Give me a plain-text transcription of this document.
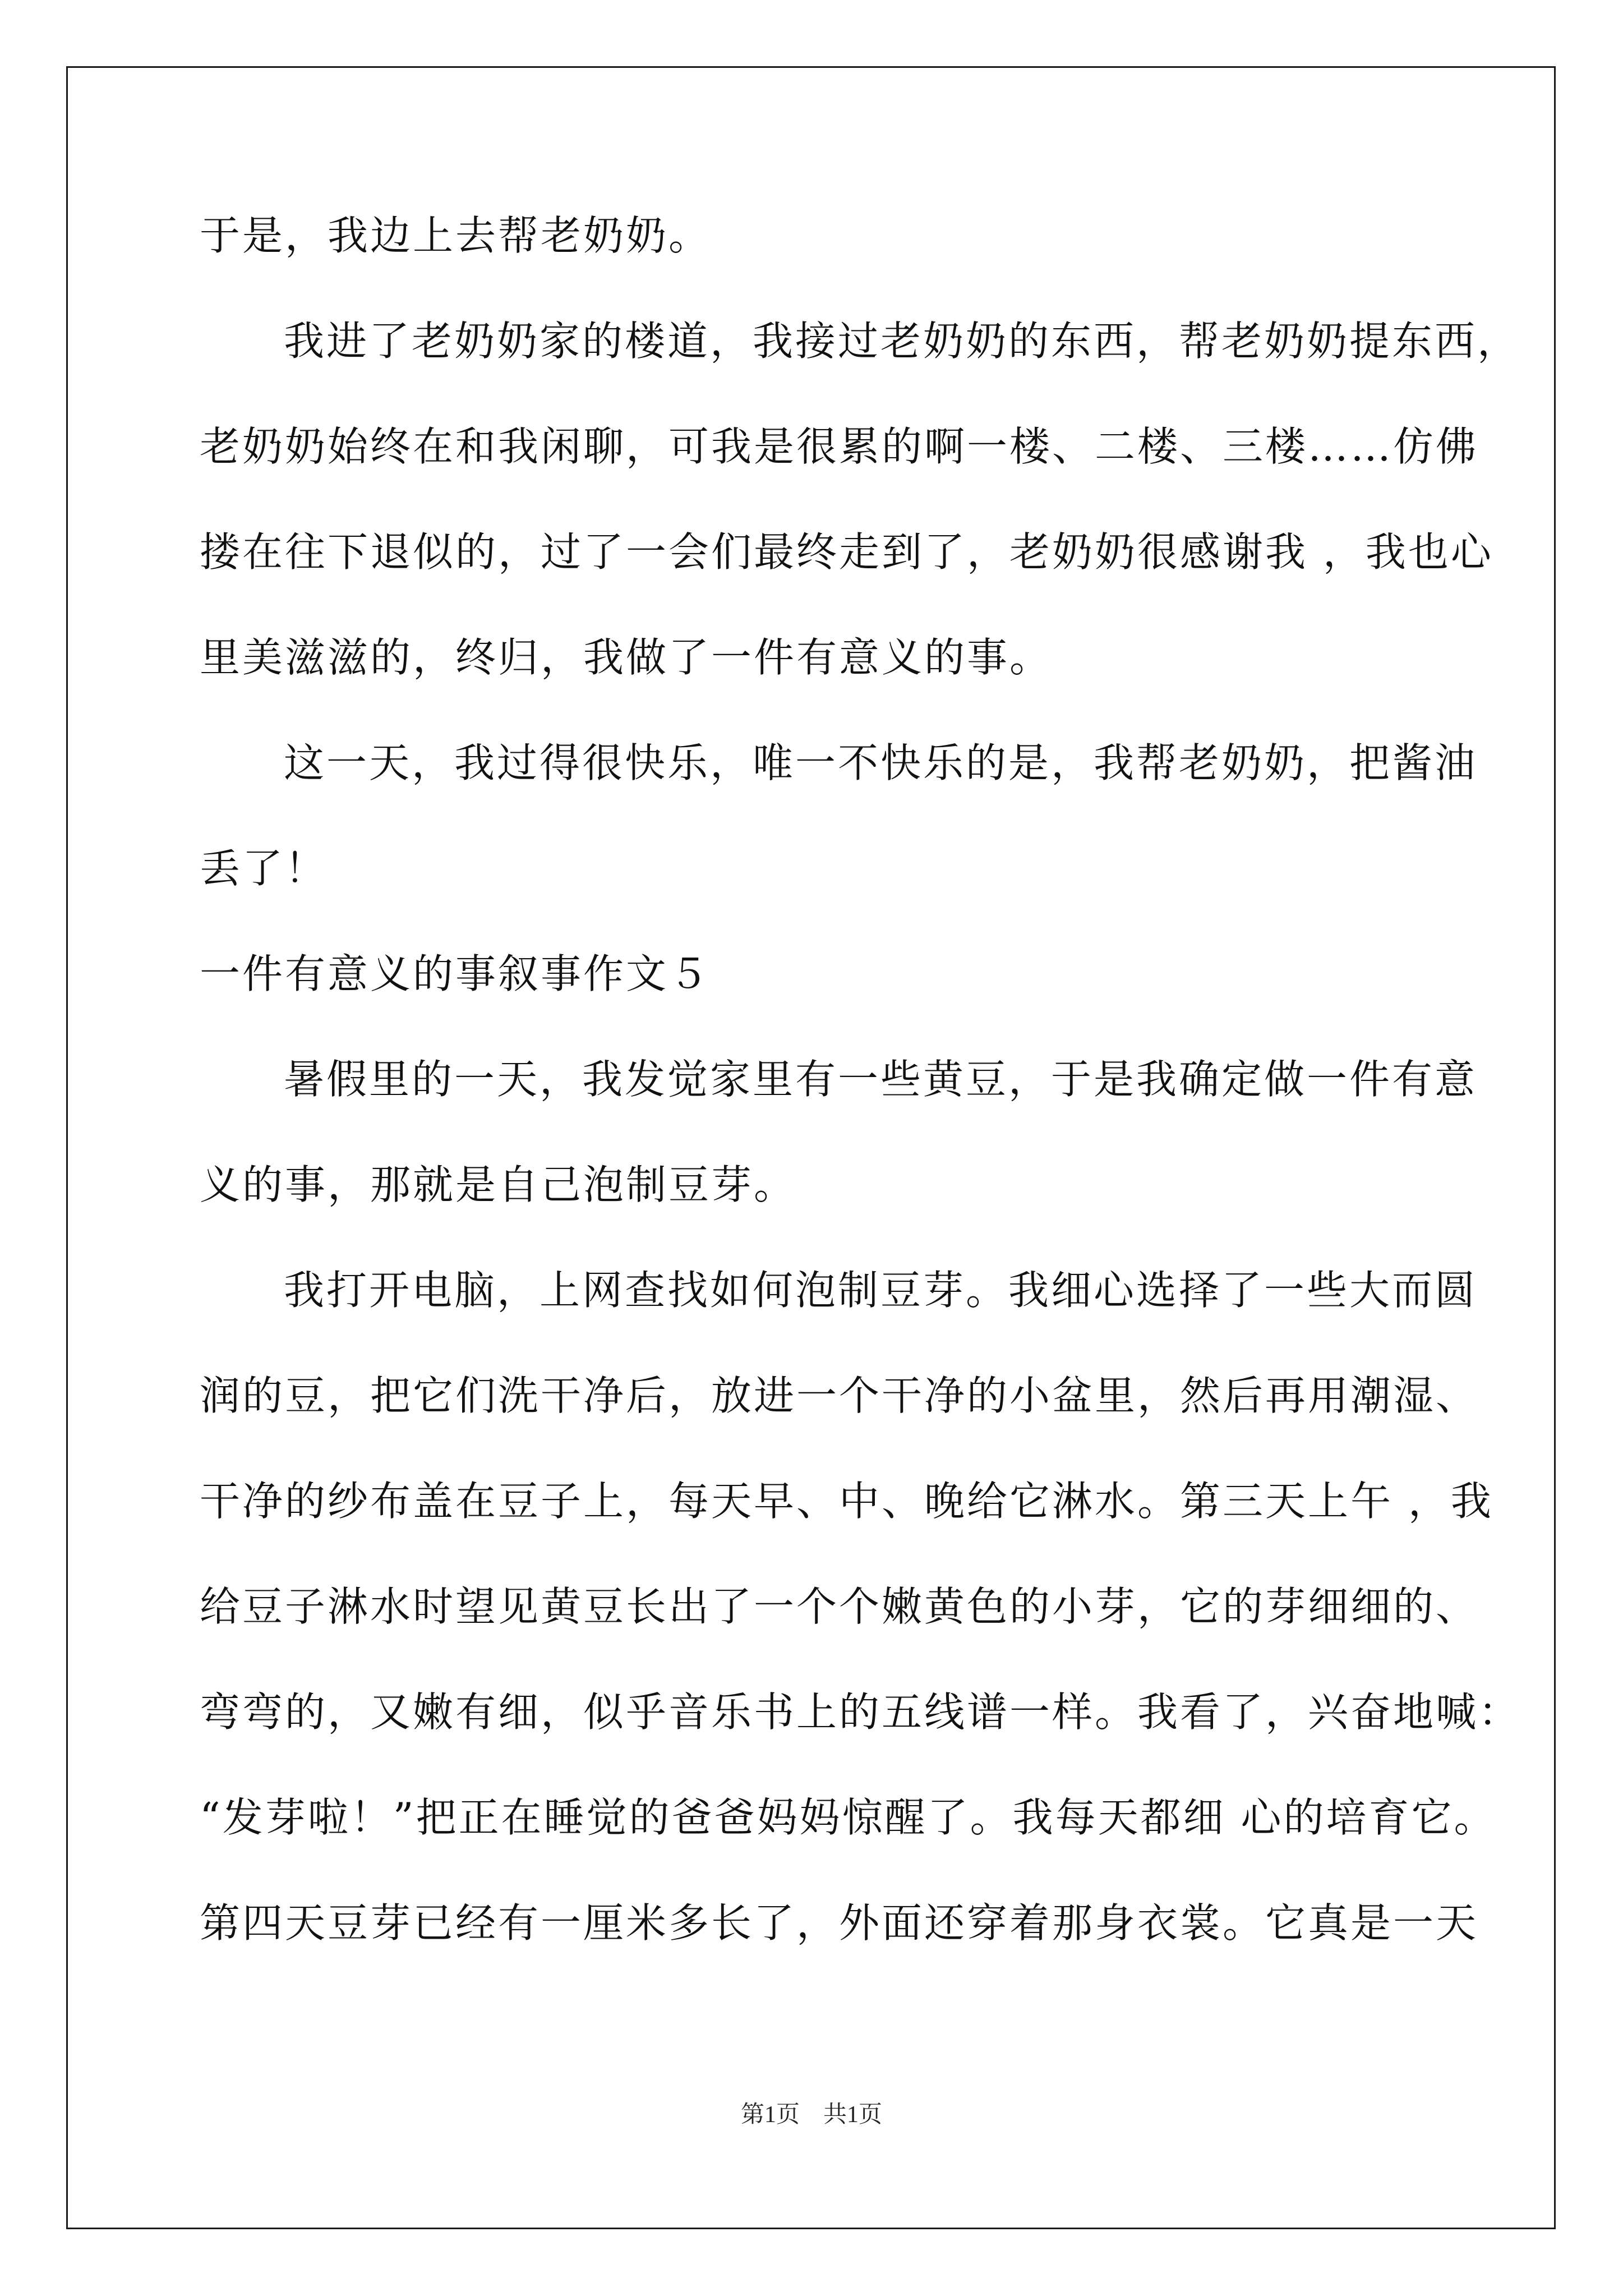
于是，我边上去帮老奶奶。
我进了老奶奶家的楼道，我接过老奶奶的东西，帮老奶奶提东西，
老奶奶始终在和我闲聊，可我是很累的啊一楼、二楼、三楼……仿佛
搂在往下退似的，过了一会们最终走到了，老奶奶很感谢我 ，我也心
里美滋滋的，终归，我做了一件有意义的事。
这一天，我过得很快乐，唯一不快乐的是，我帮老奶奶，把酱油
丢了！
一件有意义的事叙事作文５
暑假里的一天，我发觉家里有一些黄豆，于是我确定做一件有意
义的事，那就是自己泡制豆芽。
我打开电脑，上网查找如何泡制豆芽。我细心选择了一些大而圆
润的豆，把它们洗干净后，放进一个干净的小盆里，然后再用潮湿、
干净的纱布盖在豆子上，每天早、中、晚给它淋水。第三天上午 ，我
给豆子淋水时望见黄豆长出了一个个嫩黄色的小芽，它的芽细细的、
弯弯的，又嫩有细，似乎音乐书上的五线谱一样。我看了，兴奋地喊：
“发芽啦！”把正在睡觉的爸爸妈妈惊醒了。我每天都细 心的培育它。
第四天豆芽已经有一厘米多长了，外面还穿着那身衣裳。它真是一天
第1页　共1页
